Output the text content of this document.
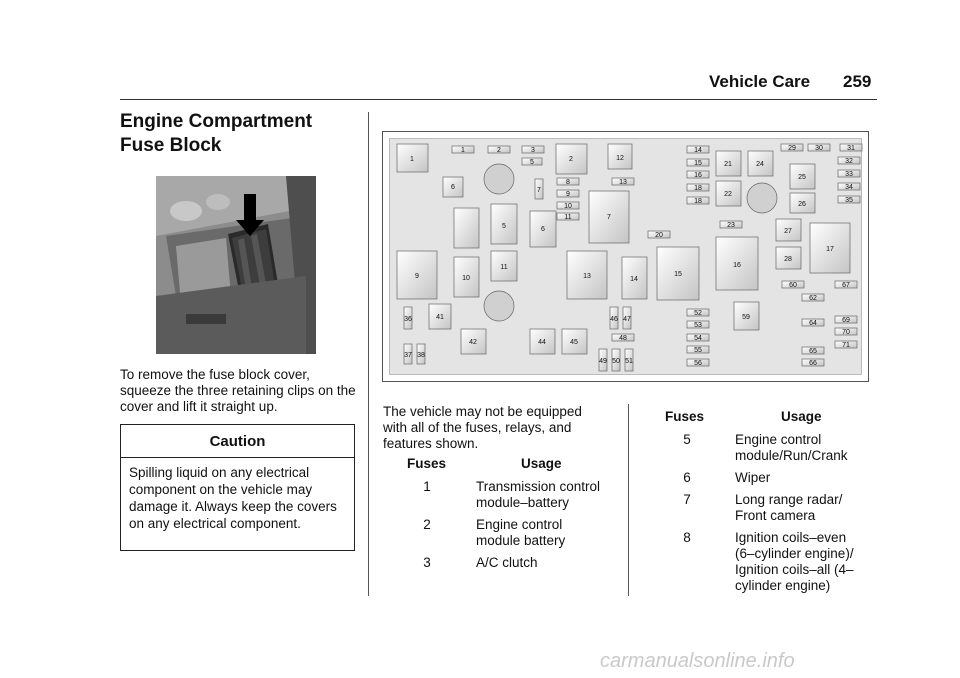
Vehicle Care 259
Engine Compartment Fuse Block
To remove the fuse block cover, squeeze the three retaining clips on the cover and lift it straight up.
Caution
Spilling liquid on any electrical component on the vehicle may damage it. Always keep the covers on any electrical component.
1
1
2
2	3
5
5
6
6
7
7
8
9
9
10
10
11
11
12
13
13	14
14
15
15
16
16
17
18
18
20
21
22
23
24
25
26
27
28
29	30	31
32
33
34
35
36
37 38
41
42	44	45
46 47
48
49 50 51
52
53
54
55
56
59
60
62
64
65
66
67
69
70
71
The vehicle may not be equipped with all of the fuses, relays, and features shown.
Fuses	Usage
1	Transmission control module–battery
2	Engine control module battery
3	A/C clutch
Fuses	Usage
5	Engine control module/Run/Crank
6	Wiper
7	Long range radar/ Front camera
8	Ignition coils–even (6–cylinder engine)/ Ignition coils–all (4–cylinder engine)
carmanualsonline.info
